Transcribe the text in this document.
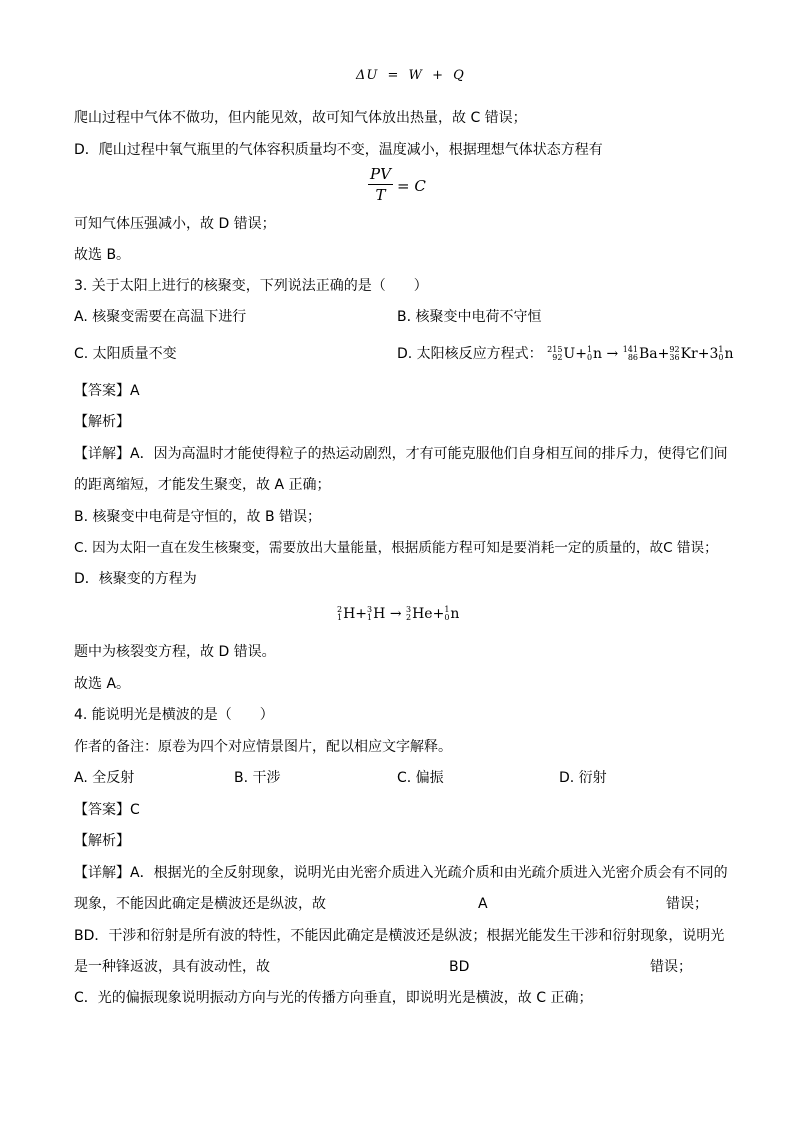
ΔU = W + Q
爬山过程中气体不做功，但内能见效，故可知气体放出热量，故 C 错误；
D．爬山过程中氧气瓶里的气体容积质量均不变，温度减小，根据理想气体状态方程有
$\frac{PV}{T} = C$
可知气体压强减小，故 D 错误；
故选 B。
3. 关于太阳上进行的核聚变，下列说法正确的是（　　）
A. 核聚变需要在高温下进行	B. 核聚变中电荷不守恒
C. 太阳质量不变	D. 太阳核反应方程式： 215
92 U+ 1
0 n → 141
86 Ba+ 92
36 Kr+3 1
0 n
【答案】A
【解析】
【详解】A．因为高温时才能使得粒子的热运动剧烈，才有可能克服他们自身相互间的排斥力，使得它们间
的距离缩短，才能发生聚变，故 A 正确；
B. 核聚变中电荷是守恒的，故 B 错误；
C. 因为太阳一直在发生核聚变，需要放出大量能量，根据质能方程可知是要消耗一定的质量的，故C 错误；
D．核聚变的方程为
2
1 H+ 3
1 H → 3
2 He+ 1
0 n
题中为核裂变方程，故 D 错误。
故选 A。
4. 能说明光是横波的是（　　）
作者的备注：原卷为四个对应情景图片，配以相应文字解释。
A. 全反射	B. 干涉	C. 偏振	D. 衍射
【答案】C
【解析】
【详解】A．根据光的全反射现象，说明光由光密介质进入光疏介质和由光疏介质进入光密介质会有不同的
现象，不能因此确定是横波还是纵波，故	A	错误；
BD．干涉和衍射是所有波的特性，不能因此确定是横波还是纵波；根据光能发生干涉和衍射现象，说明光
是一种锋返波，具有波动性，故	BD	错误；
C．光的偏振现象说明振动方向与光的传播方向垂直，即说明光是横波，故 C 正确；
